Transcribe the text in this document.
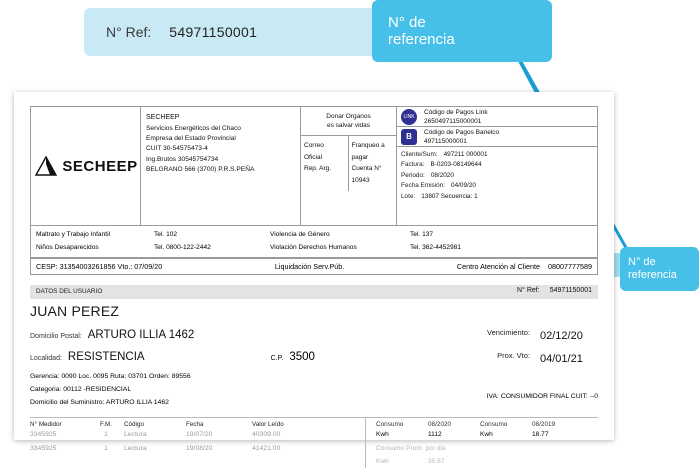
N° Ref: 54971150001
N° de
referencia
N° de
referencia
SECHEEP
SECHEEP
Servicios Energéticos del Chaco
Empresa del Estado Provincial
CUIT 30-54575473-4
Ing.Brutos 30545754734
BELGRANO 566 (3700) P.R.S.PEÑA
Donar Organos
es salvar vidas
Correo
Oficial
Rep. Arg.
Franqueo a
pagar
Cuenta N°
10943
LINK
Código de Pagos Link
2650497115000001
B	Código de Pagos Banelco
497115000001
Cliente/Sum: 497211 000001
Factura: B-0203-08149644
Periodo: 08/2020
Fecha Emisión: 04/09/20
Lote: 13807 Secuencia: 1
Maltrato y Trabajo Infantil	Tel. 102	Violencia de Género	Tel. 137
Niños Desaparecidos	Tel. 0800-122-2442	Violación Derechos Humanos	Tel. 362-4452981
CESP: 31354003261856 Vto.: 07/09/20	Liquidación Serv.Púb.	Centro Atención al Cliente 08007777589
DATOS DEL USUARIO	N° Ref: 54971150001
JUAN PEREZ
Domicilio Postal: ARTURO ILLIA 1462
Localidad: RESISTENCIA	C.P. 3500
Vencimiento: 02/12/20
Prox. Vto: 04/01/21
Gerencia: 0090 Loc. 0095 Ruta: 03701 Orden: 89556
Categoria: 00112 -RESIDENCIAL
Domicilio del Suministro: ARTURO ILLIA 1462
IVA: CONSUMIDOR FINAL CUIT: --0
N° Medidor	F.M.	Código	Fecha	Valor Leído
3345925	1	Lectura	19/07/20	40309.00
3345925	1	Lectura	19/08/20	41421.00
Consumo	08/2020	Consumo	08/2019
Kwh	1112	Kwh	18.77
Consumo Prom. por dia
Kwh	35.87
